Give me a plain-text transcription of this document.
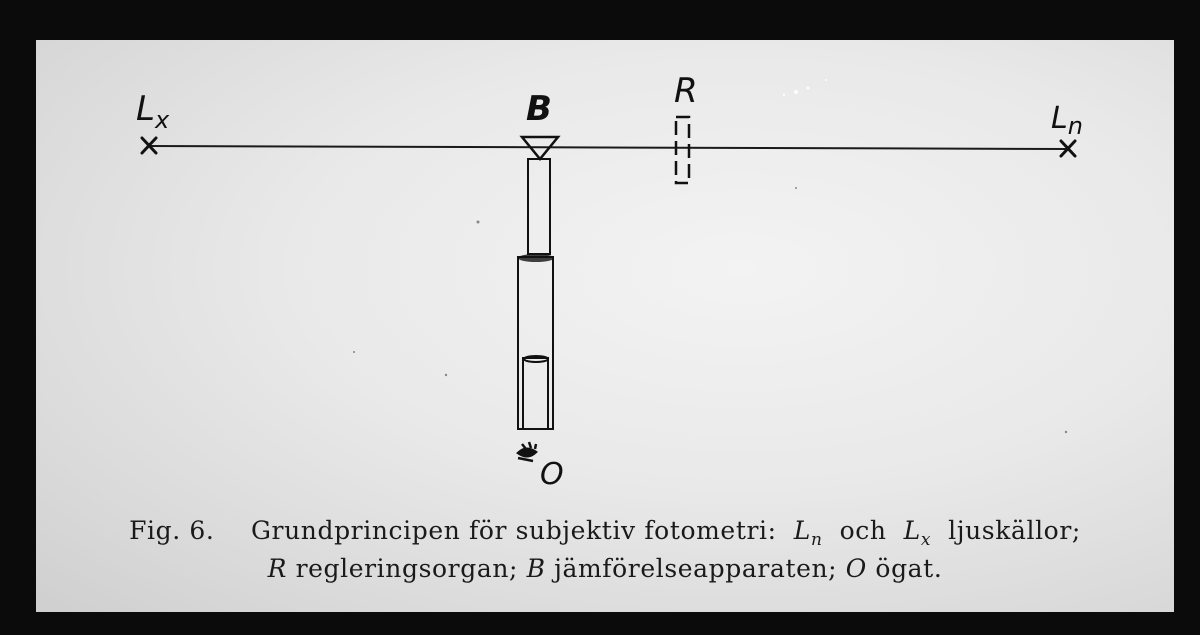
$L_x$	$L_n$
B
O
R
Fig. 6. Grundprincipen för subjektiv fotometri: $L_n$ och $L_x$ ljuskällor;
R regleringsorgan; B jämförelseapparaten; O ögat.
